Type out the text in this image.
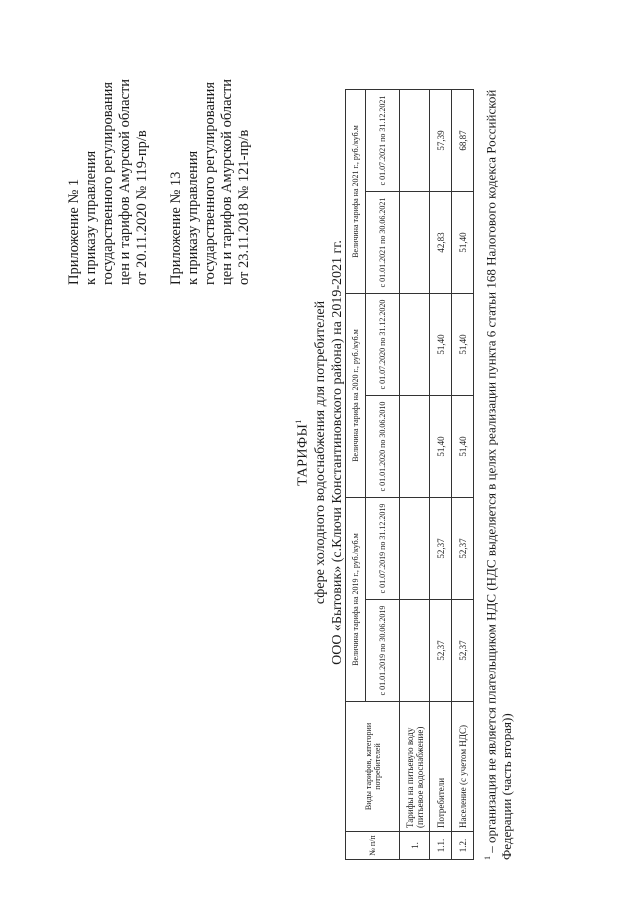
Приложение № 1 к приказу управления государственного регулирования цен и тарифов Амурской области от 20.11.2020 № 119-пр/в Приложение № 13 к приказу управления государственного регулирования цен и тарифов Амурской области от 23.11.2018 № 121-пр/в
ТАРИФЫ$^1$ сфере холодного водоснабжения для потребителей ООО «Бытовик» (с.Ключи Константиновского района) на 2019-2021 гг.
№ п/п	Виды тарифов, категории потребителей	Величина тарифа на 2019 г., руб./куб.м		Величина тарифа на 2020 г., руб./куб.м		Величина тарифа на 2021 г., руб./куб.м	
		с 01.01.2019 по 30.06.2019	с 01.07.2019 по 31.12.2019	с 01.01.2020 по 30.06.2010	с 01.07.2020 по 31.12.2020	с 01.01.2021 по 30.06.2021	с 01.07.2021 по 31.12.2021
1.	Тарифы на питьевую воду (питьевое водоснабжение)						
1.1.	Потребители	52,37	52,37	51,40	51,40	42,83	57,39
1.2.	Население (с учетом НДС)	52,37	52,37	51,40	51,40	51,40	68,87
$^1$ – организация не является плательщиком НДС (НДС выделяется в целях реализации пункта 6 статьи 168 Налогового кодекса Российской Федерации (часть вторая))
